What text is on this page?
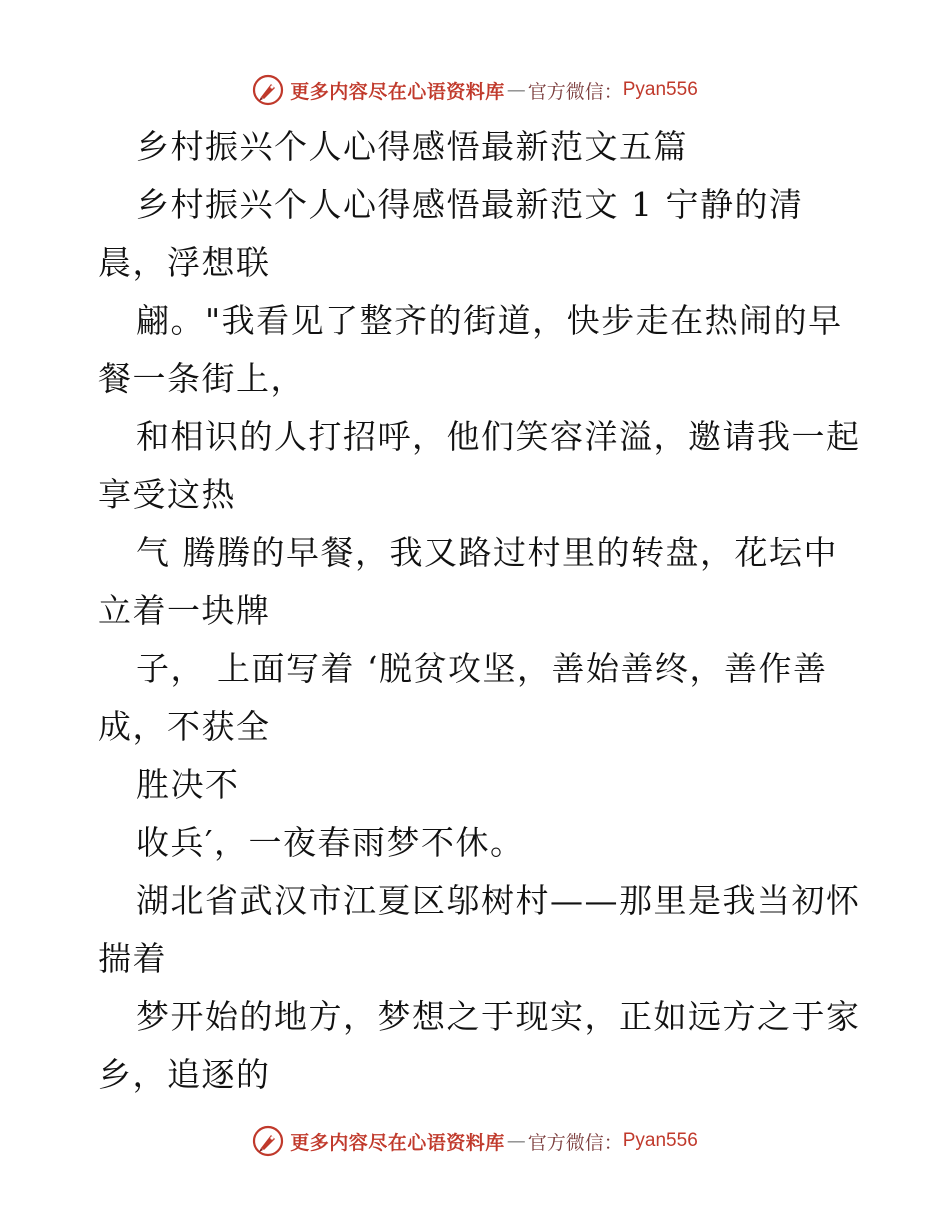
更多内容尽在心语资料库 — 官方微信： Pyan556
乡村振兴个人心得感悟最新范文五篇
乡村振兴个人心得感悟最新范文 1 宁静的清
晨，浮想联
翩。"我看见了整齐的街道，快步走在热闹的早
餐一条街上，
和相识的人打招呼，他们笑容洋溢，邀请我一起
享受这热
气 腾腾的早餐，我又路过村里的转盘，花坛中
立着一块牌
子， 上面写着 ‘脱贫攻坚，善始善终，善作善
成，不获全
胜决不
收兵′，一夜春雨梦不休。
湖北省武汉市江夏区邬树村——那里是我当初怀
揣着
梦开始的地方，梦想之于现实，正如远方之于家
乡，追逐的
更多内容尽在心语资料库 — 官方微信： Pyan556
